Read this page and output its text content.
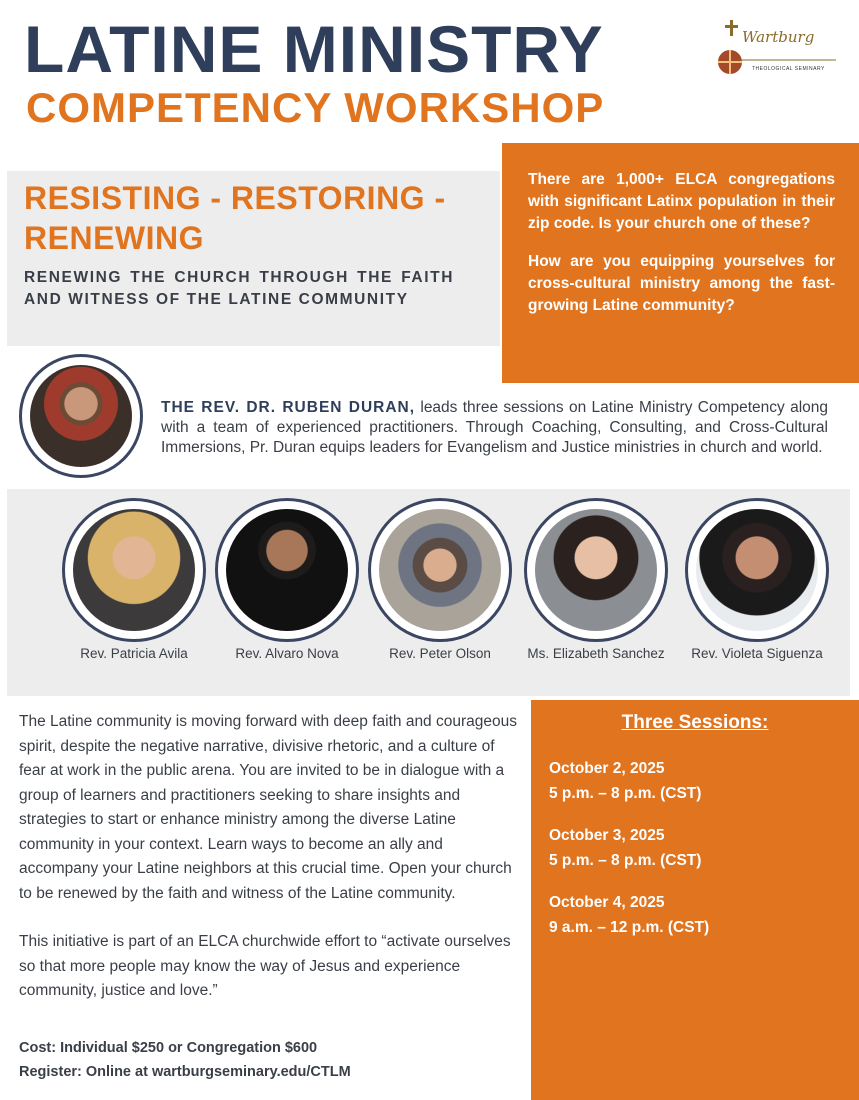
LATINE MINISTRY
COMPETENCY WORKSHOP
Wartburg
THEOLOGICAL SEMINARY
RESISTING - RESTORING - RENEWING
RENEWING THE CHURCH THROUGH THE FAITH AND WITNESS OF THE LATINE COMMUNITY

There are 1,000+ ELCA congregations with significant Latinx population in their zip code. Is your church one of these?

How are you equipping yourselves for cross-cultural ministry among the fast-growing Latine community?

THE REV. DR. RUBEN DURAN, leads three sessions on Latine Ministry Competency along with a team of experienced practitioners. Through Coaching, Consulting, and Cross-Cultural Immersions, Pr. Duran equips leaders for Evangelism and Justice ministries in church and world.
Rev. Patricia Avila	Rev. Alvaro Nova	Rev. Peter Olson	Ms. Elizabeth Sanchez	Rev. Violeta Siguenza

The Latine community is moving forward with deep faith and courageous spirit, despite the negative narrative, divisive rhetoric, and a culture of fear at work in the public arena. You are invited to be in dialogue with a group of learners and practitioners seeking to share insights and strategies to start or enhance ministry among the diverse Latine community in your context. Learn ways to become an ally and accompany your Latine neighbors at this crucial time. Open your church to be renewed by the faith and witness of the Latine community.

This initiative is part of an ELCA churchwide effort to “activate ourselves so that more people may know the way of Jesus and experience community, justice and love.”

Cost: Individual $250 or Congregation $600
Register: Online at wartburgseminary.edu/CTLM
Three Sessions:
October 2, 2025
5 p.m. – 8 p.m. (CST)
October 3, 2025
5 p.m. – 8 p.m. (CST)
October 4, 2025
9 a.m. – 12 p.m. (CST)
